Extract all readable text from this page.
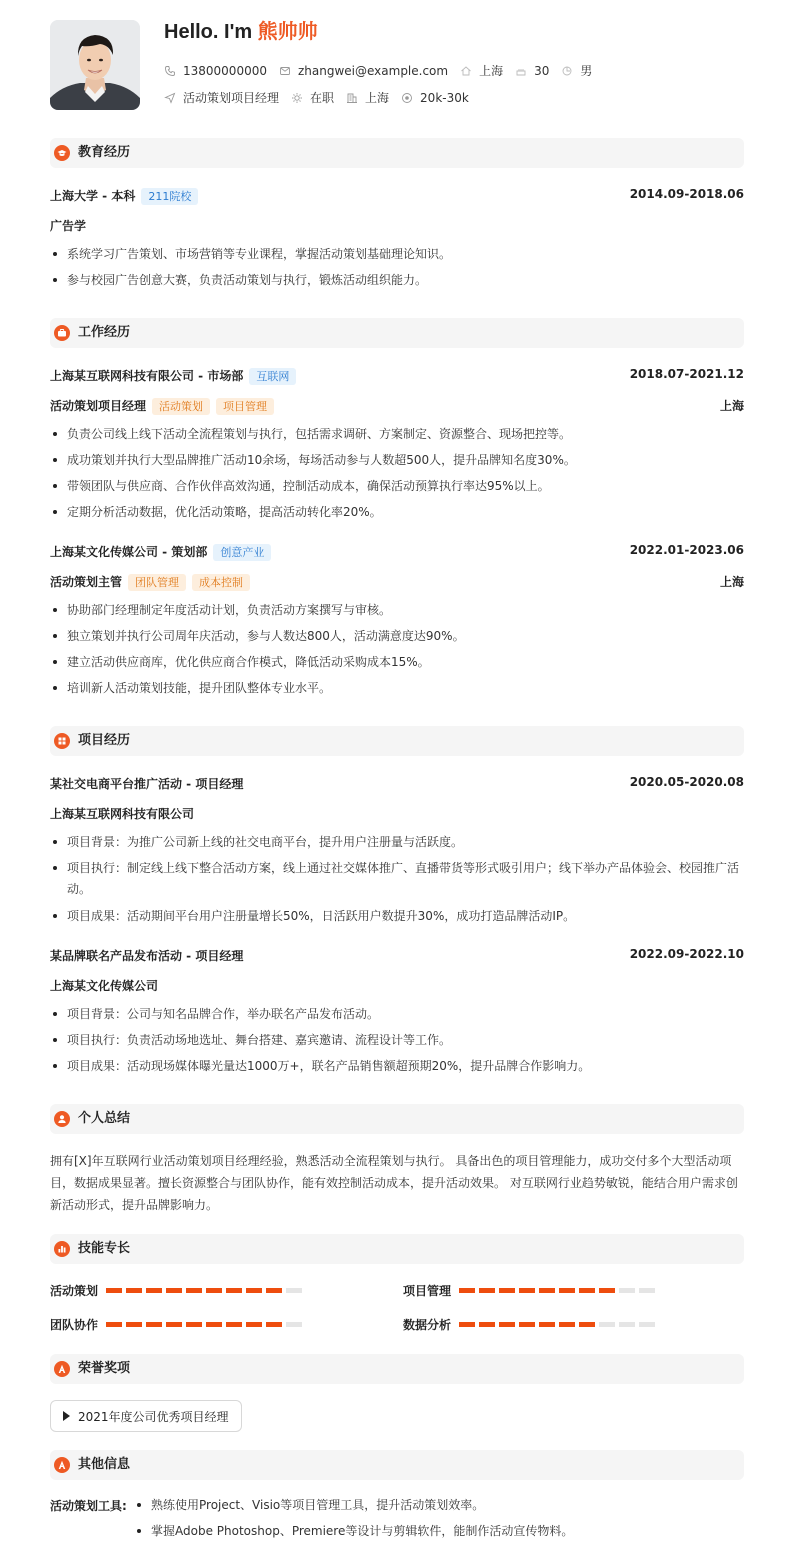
Hello. I'm 熊帅帅
13800000000	zhangwei@example.com	上海	30	男
活动策划项目经理	在职	上海	20k-30k
教育经历
上海大学 - 本科 211院校	2014.09-2018.06
广告学
系统学习广告策划、市场营销等专业课程，掌握活动策划基础理论知识。
参与校园广告创意大赛，负责活动策划与执行，锻炼活动组织能力。
工作经历
上海某互联网科技有限公司 - 市场部 互联网	2018.07-2021.12
活动策划项目经理 活动策划 项目管理	上海
负责公司线上线下活动全流程策划与执行，包括需求调研、方案制定、资源整合、现场把控等。
成功策划并执行大型品牌推广活动10余场，每场活动参与人数超500人，提升品牌知名度30%。
带领团队与供应商、合作伙伴高效沟通，控制活动成本，确保活动预算执行率达95%以上。
定期分析活动数据，优化活动策略，提高活动转化率20%。
上海某文化传媒公司 - 策划部 创意产业	2022.01-2023.06
活动策划主管 团队管理 成本控制	上海
协助部门经理制定年度活动计划，负责活动方案撰写与审核。
独立策划并执行公司周年庆活动，参与人数达800人，活动满意度达90%。
建立活动供应商库，优化供应商合作模式，降低活动采购成本15%。
培训新人活动策划技能，提升团队整体专业水平。
项目经历
某社交电商平台推广活动 - 项目经理	2020.05-2020.08
上海某互联网科技有限公司
项目背景：为推广公司新上线的社交电商平台，提升用户注册量与活跃度。
项目执行：制定线上线下整合活动方案，线上通过社交媒体推广、直播带货等形式吸引用户；线下举办产品体验会、校园推广活动。
项目成果：活动期间平台用户注册量增长50%，日活跃用户数提升30%，成功打造品牌活动IP。
某品牌联名产品发布活动 - 项目经理	2022.09-2022.10
上海某文化传媒公司
项目背景：公司与知名品牌合作，举办联名产品发布活动。
项目执行：负责活动场地选址、舞台搭建、嘉宾邀请、流程设计等工作。
项目成果：活动现场媒体曝光量达1000万+，联名产品销售额超预期20%，提升品牌合作影响力。
个人总结
拥有[X]年互联网行业活动策划项目经理经验，熟悉活动全流程策划与执行。 具备出色的项目管理能力，成功交付多个大型活动项目，数据成果显著。擅长资源整合与团队协作，能有效控制活动成本，提升活动效果。 对互联网行业趋势敏锐，能结合用户需求创新活动形式，提升品牌影响力。
技能专长
活动策划	项目管理
团队协作	数据分析
荣誉奖项
2021年度公司优秀项目经理
其他信息
活动策划工具:	熟练使用Project、Visio等项目管理工具，提升活动策划效率。
掌握Adobe Photoshop、Premiere等设计与剪辑软件，能制作活动宣传物料。
